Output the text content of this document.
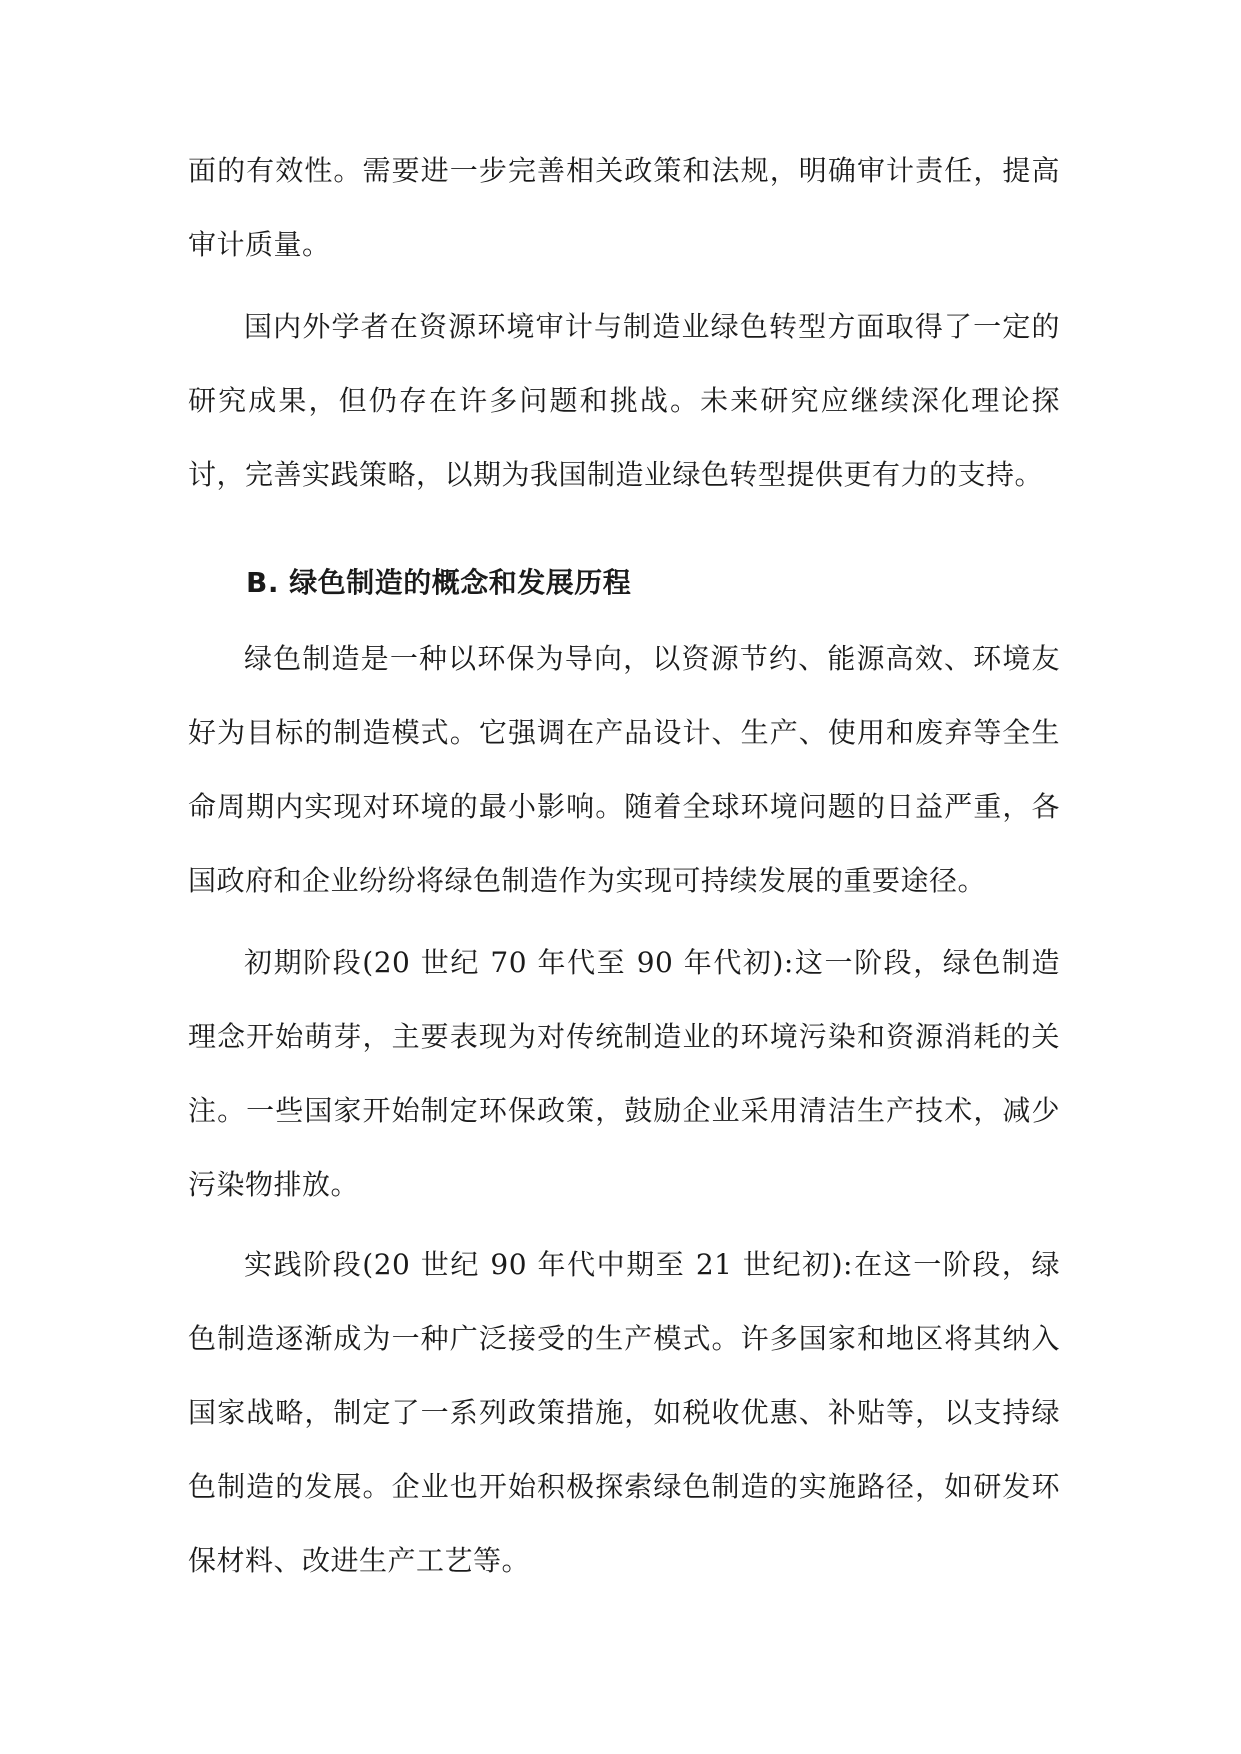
面的有效性。需要进一步完善相关政策和法规，明确审计责任，提高审计质量。
国内外学者在资源环境审计与制造业绿色转型方面取得了一定的研究成果，但仍存在许多问题和挑战。未来研究应继续深化理论探讨，完善实践策略，以期为我国制造业绿色转型提供更有力的支持。
B. 绿色制造的概念和发展历程
绿色制造是一种以环保为导向，以资源节约、能源高效、环境友好为目标的制造模式。它强调在产品设计、生产、使用和废弃等全生命周期内实现对环境的最小影响。随着全球环境问题的日益严重，各国政府和企业纷纷将绿色制造作为实现可持续发展的重要途径。
初期阶段(20 世纪 70 年代至 90 年代初):这一阶段，绿色制造理念开始萌芽，主要表现为对传统制造业的环境污染和资源消耗的关注。一些国家开始制定环保政策，鼓励企业采用清洁生产技术，减少污染物排放。
实践阶段(20 世纪 90 年代中期至 21 世纪初):在这一阶段，绿色制造逐渐成为一种广泛接受的生产模式。许多国家和地区将其纳入国家战略，制定了一系列政策措施，如税收优惠、补贴等，以支持绿色制造的发展。企业也开始积极探索绿色制造的实施路径，如研发环保材料、改进生产工艺等。
